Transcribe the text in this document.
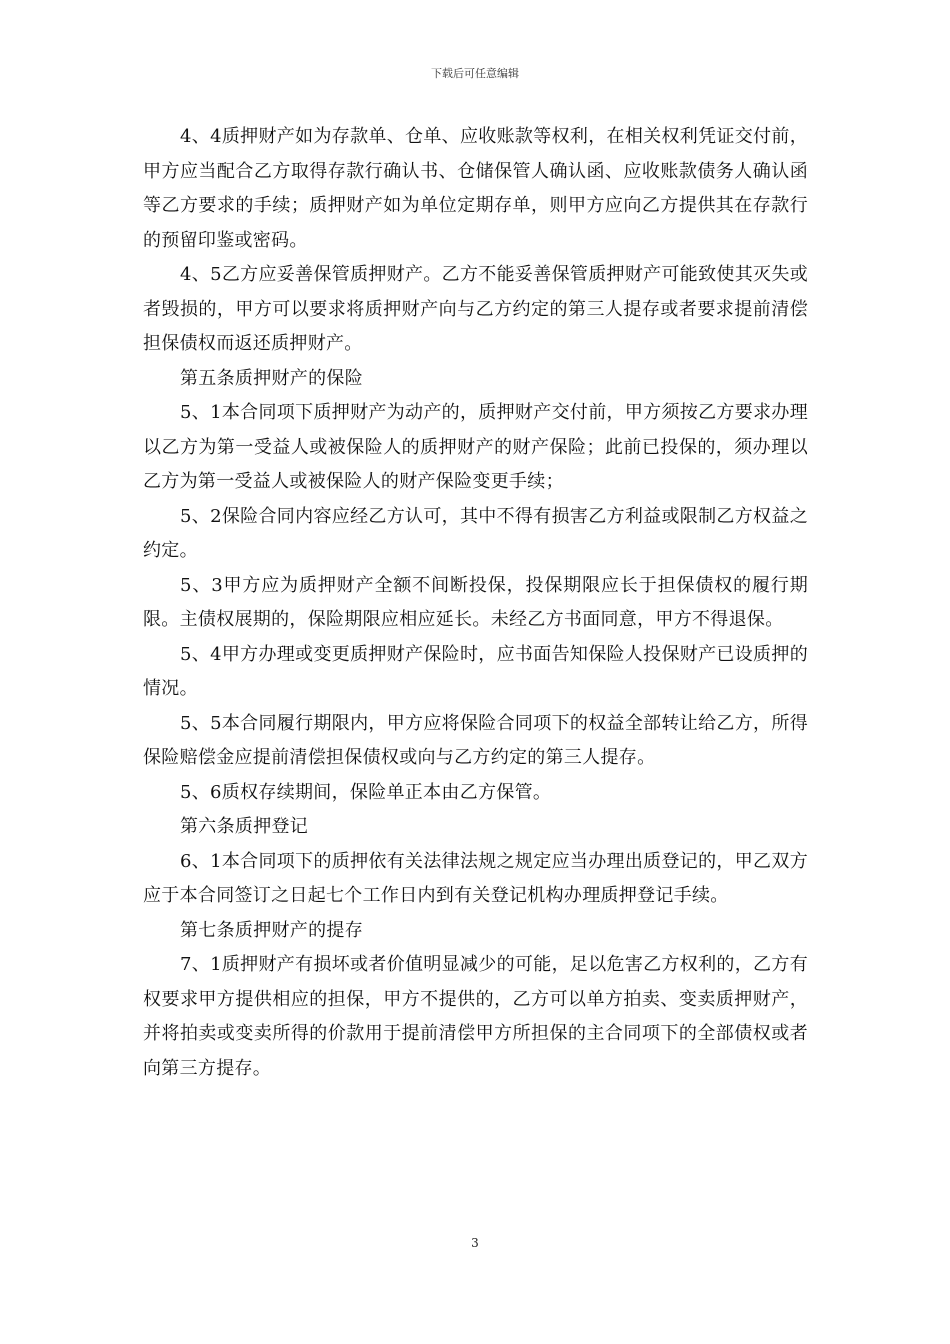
下载后可任意编辑

4、4质押财产如为存款单、仓单、应收账款等权利，在相关权利凭证交付前，甲方应当配合乙方取得存款行确认书、仓储保管人确认函、应收账款债务人确认函等乙方要求的手续；质押财产如为单位定期存单，则甲方应向乙方提供其在存款行的预留印鉴或密码。

4、5乙方应妥善保管质押财产。乙方不能妥善保管质押财产可能致使其灭失或者毁损的，甲方可以要求将质押财产向与乙方约定的第三人提存或者要求提前清偿担保债权而返还质押财产。

第五条质押财产的保险

5、1本合同项下质押财产为动产的，质押财产交付前，甲方须按乙方要求办理以乙方为第一受益人或被保险人的质押财产的财产保险；此前已投保的，须办理以乙方为第一受益人或被保险人的财产保险变更手续；

5、2保险合同内容应经乙方认可，其中不得有损害乙方利益或限制乙方权益之约定。

5、3甲方应为质押财产全额不间断投保，投保期限应长于担保债权的履行期限。主债权展期的，保险期限应相应延长。未经乙方书面同意，甲方不得退保。

5、4甲方办理或变更质押财产保险时，应书面告知保险人投保财产已设质押的情况。

5、5本合同履行期限内，甲方应将保险合同项下的权益全部转让给乙方，所得保险赔偿金应提前清偿担保债权或向与乙方约定的第三人提存。

5、6质权存续期间，保险单正本由乙方保管。

第六条质押登记

6、1本合同项下的质押依有关法律法规之规定应当办理出质登记的，甲乙双方应于本合同签订之日起七个工作日内到有关登记机构办理质押登记手续。

第七条质押财产的提存

7、1质押财产有损坏或者价值明显减少的可能，足以危害乙方权利的，乙方有权要求甲方提供相应的担保，甲方不提供的，乙方可以单方拍卖、变卖质押财产，并将拍卖或变卖所得的价款用于提前清偿甲方所担保的主合同项下的全部债权或者向第三方提存。

3
